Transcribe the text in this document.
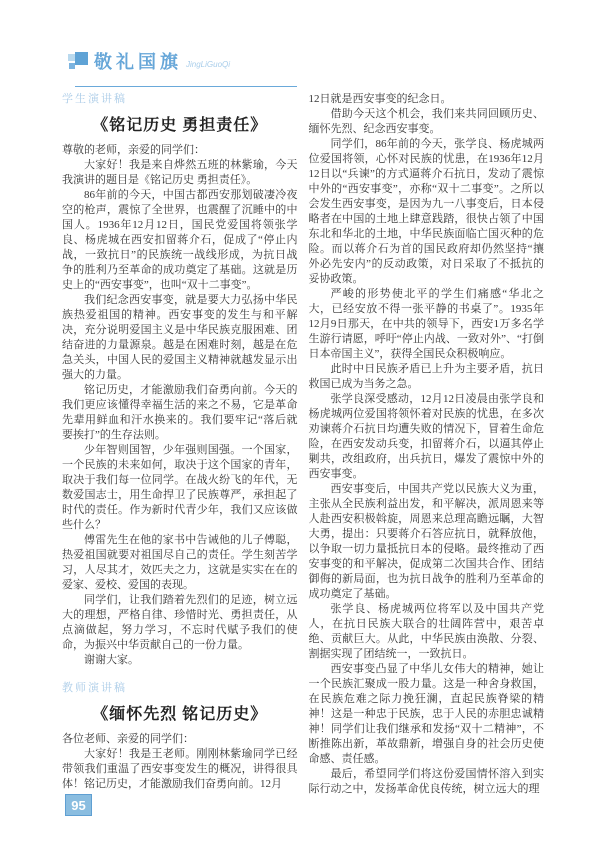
敬礼国旗 JingLiGuoQi
学生演讲稿
《铭记历史 勇担责任》

尊敬的老师，亲爱的同学们：

大家好！我是来自烨然五班的林紫瑜，今天我演讲的题目是《铭记历史 勇担责任》。

86年前的今天，中国古都西安那划破凄冷夜空的枪声，震惊了全世界，也震醒了沉睡中的中国人。1936年12月12日，国民党爱国将领张学良、杨虎城在西安扣留蒋介石，促成了“停止内战，一致抗日”的民族统一战线形成，为抗日战争的胜利乃至革命的成功奠定了基础。这就是历史上的“西安事变”，也叫“双十二事变”。

我们纪念西安事变，就是要大力弘扬中华民族热爱祖国的精神。西安事变的发生与和平解决，充分说明爱国主义是中华民族克服困难、团结奋进的力量源泉。越是在困难时刻，越是在危急关头，中国人民的爱国主义精神就越发显示出强大的力量。

铭记历史，才能激励我们奋勇向前。今天的我们更应该懂得幸福生活的来之不易，它是革命先辈用鲜血和汗水换来的。我们要牢记“落后就要挨打”的生存法则。

少年智则国智，少年强则国强。一个国家，一个民族的未来如何，取决于这个国家的青年，取决于我们每一位同学。在战火纷飞的年代，无数爱国志士，用生命捍卫了民族尊严，承担起了时代的责任。作为新时代青少年，我们又应该做些什么？

傅雷先生在他的家书中告诫他的儿子傅聪，热爱祖国就要对祖国尽自己的责任。学生刻苦学习，人尽其才，效匹夫之力，这就是实实在在的爱家、爱校、爱国的表现。

同学们，让我们踏着先烈们的足迹，树立远大的理想，严格自律、珍惜时光、勇担责任，从点滴做起，努力学习，不忘时代赋予我们的使命，为振兴中华贡献自己的一份力量。

谢谢大家。

教师演讲稿
《缅怀先烈 铭记历史》

各位老师、亲爱的同学们：

大家好！我是王老师。刚刚林紫瑜同学已经带领我们重温了西安事变发生的概况，讲得很具体！铭记历史，才能激励我们奋勇向前。12月

12日就是西安事变的纪念日。

借助今天这个机会，我们来共同回顾历史、缅怀先烈、纪念西安事变。

同学们，86年前的今天，张学良、杨虎城两位爱国将领，心怀对民族的忧患，在1936年12月12日以“兵谏”的方式逼蒋介石抗日，发动了震惊中外的“西安事变”，亦称“双十二事变”。之所以会发生西安事变，是因为九一八事变后，日本侵略者在中国的土地上肆意践踏，很快占领了中国东北和华北的土地，中华民族面临亡国灭种的危险。而以蒋介石为首的国民政府却仍然坚持“攘外必先安内”的反动政策，对日采取了不抵抗的妥协政策。

严峻的形势使北平的学生们痛感“华北之大，已经安放不得一张平静的书桌了”。1935年12月9日那天，在中共的领导下，西安1万多名学生游行请愿，呼吁“停止内战、一致对外”、“打倒日本帝国主义”，获得全国民众积极响应。

此时中日民族矛盾已上升为主要矛盾，抗日救国已成为当务之急。

张学良深受感动，12月12日凌晨由张学良和杨虎城两位爱国将领怀着对民族的忧患，在多次劝谏蒋介石抗日均遭失败的情况下，冒着生命危险，在西安发动兵变，扣留蒋介石，以逼其停止剿共，改组政府，出兵抗日，爆发了震惊中外的西安事变。

西安事变后，中国共产党以民族大义为重，主张从全民族利益出发，和平解决，派周恩来等人赴西安积极斡旋，周恩来总理高瞻远瞩，大智大勇，提出：只要蒋介石答应抗日，就释放他，以争取一切力量抵抗日本的侵略。最终推动了西安事变的和平解决，促成第二次国共合作、团结御侮的新局面，也为抗日战争的胜利乃至革命的成功奠定了基础。

张学良、杨虎城两位将军以及中国共产党人，在抗日民族大联合的壮阔阵营中，艰苦卓绝、贡献巨大。从此，中华民族由涣散、分裂、割据实现了团结统一，一致抗日。

西安事变凸显了中华儿女伟大的精神，她让一个民族汇聚成一股力量。这是一种舍身救国，在民族危难之际力挽狂澜，直起民族脊梁的精神！这是一种忠于民族，忠于人民的赤胆忠诚精神！同学们让我们继承和发扬“双十二精神”，不断推陈出新，革故鼎新，增强自身的社会历史使命感、责任感。

最后，希望同学们将这份爱国情怀溶入到实际行动之中，发扬革命优良传统，树立远大的理

95
